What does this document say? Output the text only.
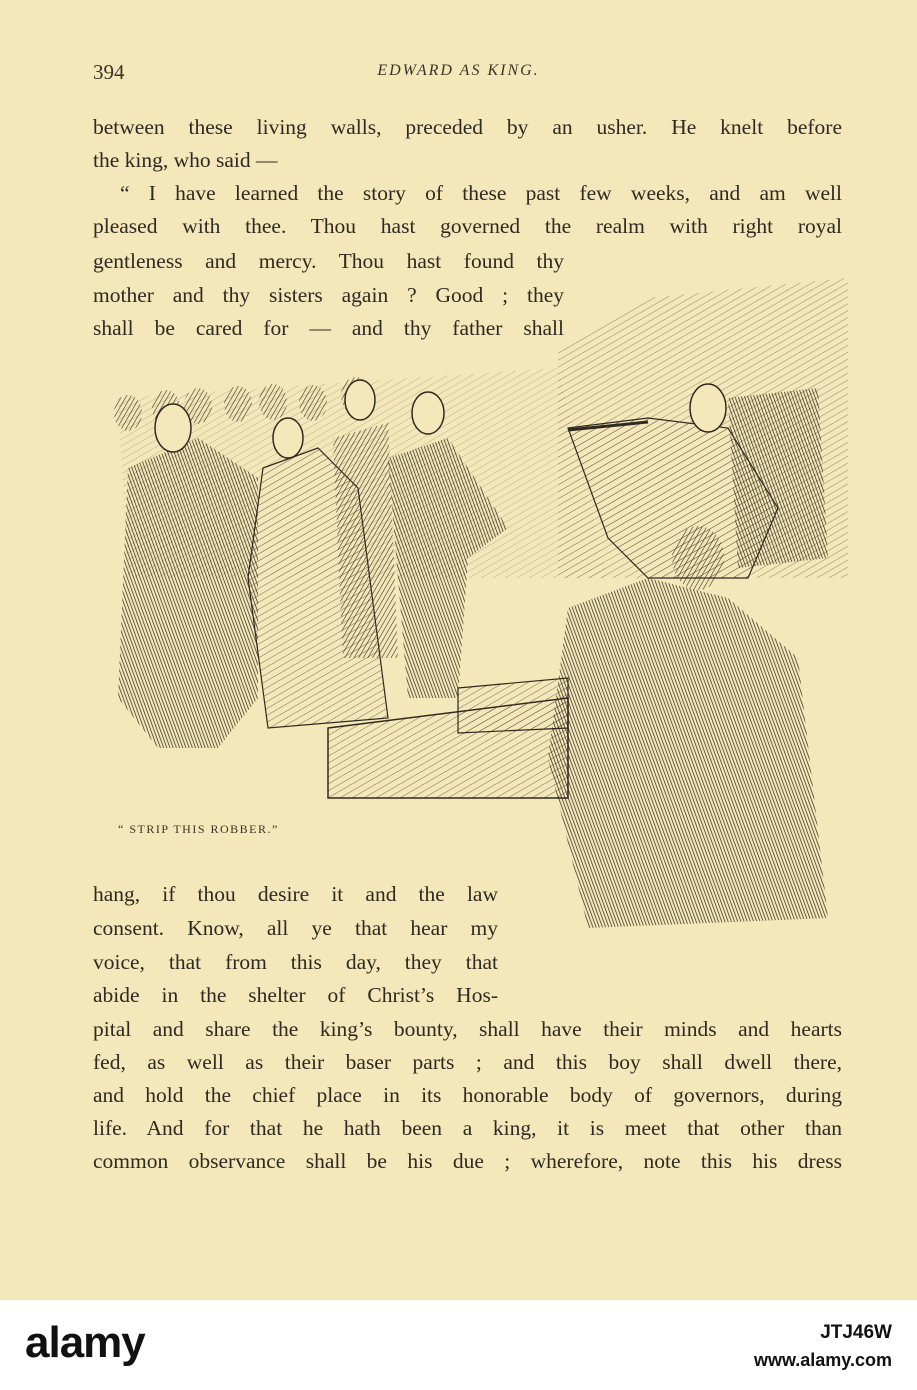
394	EDWARD AS KING.
between these living walls, preceded by an usher. He knelt before
the king, who said —
“ I have learned the story of these past few weeks, and am well
pleased with thee. Thou hast governed the realm with right royal
gentleness and mercy. Thou hast found thy
mother and thy sisters again ? Good ; they
shall be cared for — and thy father shall
“ STRIP THIS ROBBER.”
hang, if thou desire it and the law
consent. Know, all ye that hear my
voice, that from this day, they that
abide in the shelter of Christ’s Hos-
pital and share the king’s bounty, shall have their minds and hearts
fed, as well as their baser parts ; and this boy shall dwell there,
and hold the chief place in its honorable body of governors, during
life. And for that he hath been a king, it is meet that other than
common observance shall be his due ; wherefore, note this his dress
alamy	JTJ46W
www.alamy.com
